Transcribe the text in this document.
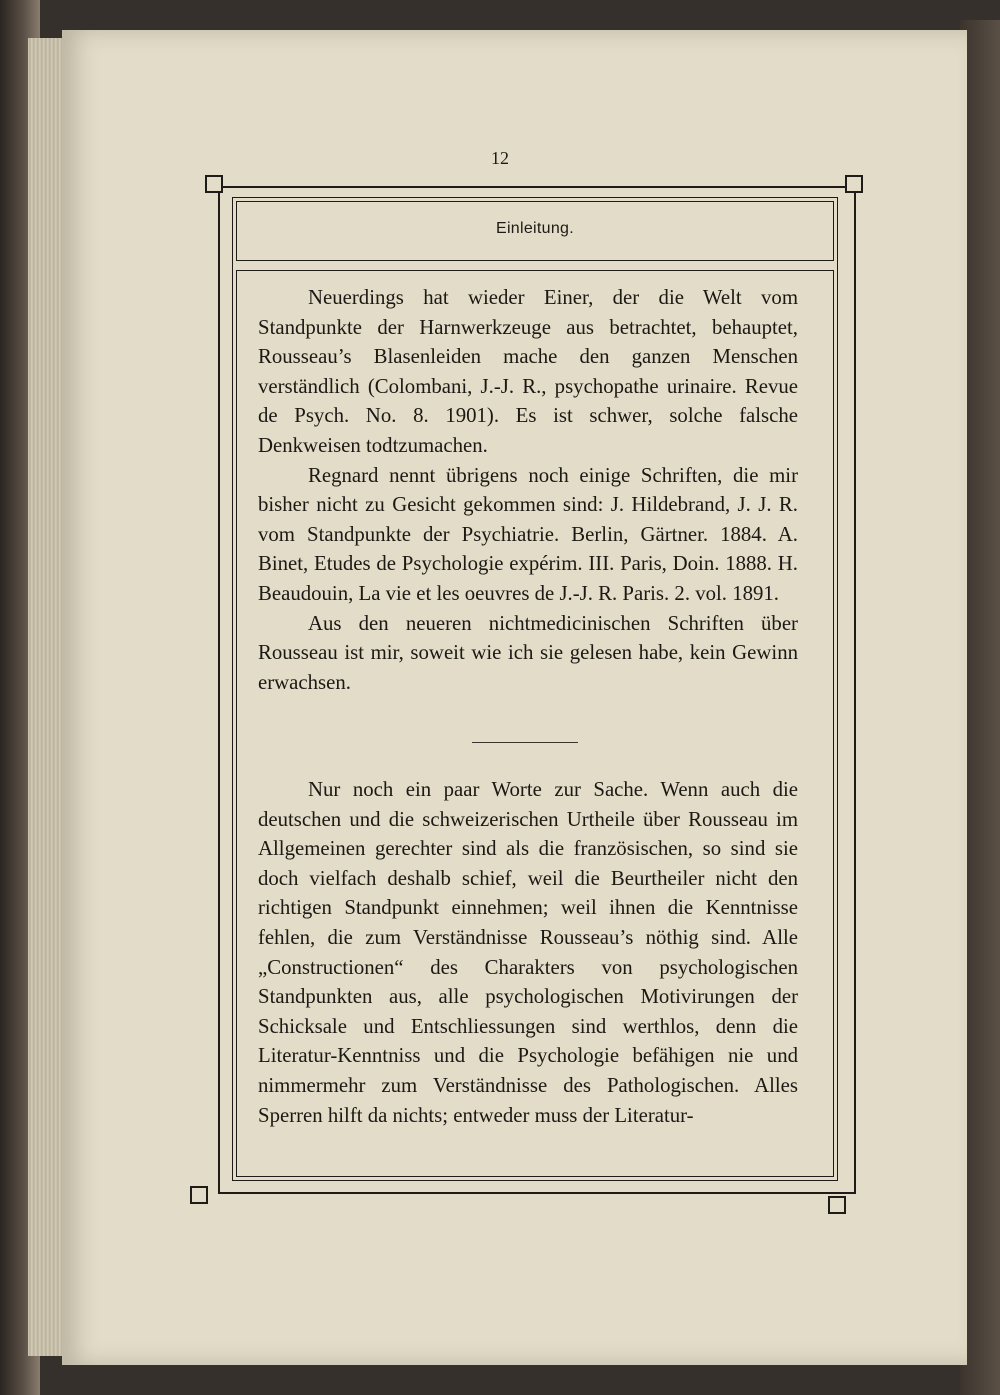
12
Einleitung.

Neuerdings hat wieder Einer, der die Welt vom Standpunkte der Harnwerkzeuge aus betrachtet, behauptet, Rousseau’s Blasenleiden mache den ganzen Menschen verständlich (Colombani, J.-J. R., psychopathe urinaire. Revue de Psych. No. 8. 1901). Es ist schwer, solche falsche Denkweisen todtzumachen.

Regnard nennt übrigens noch einige Schriften, die mir bisher nicht zu Gesicht gekommen sind: J. Hildebrand, J. J. R. vom Standpunkte der Psychiatrie. Berlin, Gärtner. 1884. A. Binet, Etudes de Psychologie expérim. III. Paris, Doin. 1888. H. Beaudouin, La vie et les oeuvres de J.-J. R. Paris. 2. vol. 1891.

Aus den neueren nichtmedicinischen Schriften über Rousseau ist mir, soweit wie ich sie gelesen habe, kein Gewinn erwachsen.

Nur noch ein paar Worte zur Sache. Wenn auch die deutschen und die schweizerischen Urtheile über Rousseau im Allgemeinen gerechter sind als die französischen, so sind sie doch vielfach deshalb schief, weil die Beurtheiler nicht den richtigen Standpunkt einnehmen; weil ihnen die Kenntnisse fehlen, die zum Verständnisse Rousseau’s nöthig sind. Alle „Constructionen“ des Charakters von psychologischen Standpunkten aus, alle psychologischen Motivirungen der Schicksale und Entschliessungen sind werthlos, denn die Literatur-Kenntniss und die Psychologie befähigen nie und nimmermehr zum Verständnisse des Pathologischen. Alles Sperren hilft da nichts; entweder muss der Literatur-
